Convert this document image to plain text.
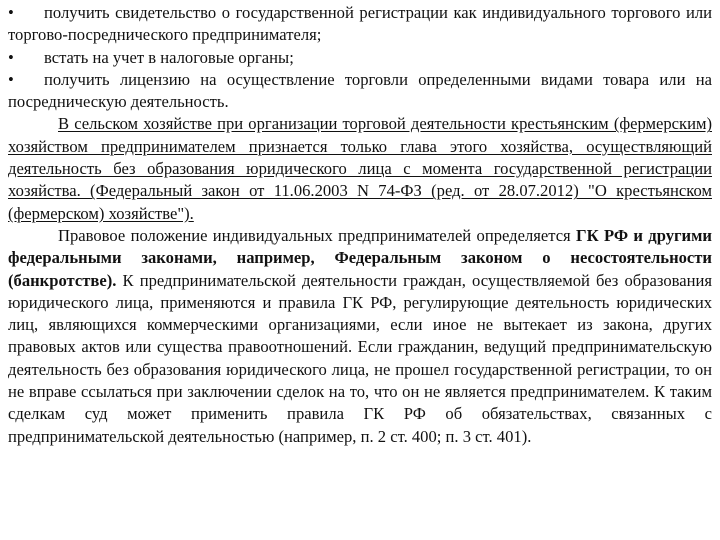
• получить свидетельство о государственной регистрации как индивидуального торгового или торгово-посреднического предпринимателя;
• встать на учет в налоговые органы;
• получить лицензию на осуществление торговли определенными видами товара или на посредническую деятельность.

В сельском хозяйстве при организации торговой деятельности крестьянским (фермерским) хозяйством предпринимателем признается только глава этого хозяйства, осуществляющий деятельность без образования юридического лица с момента государственной регистрации хозяйства. (Федеральный закон от 11.06.2003 N 74-ФЗ (ред. от 28.07.2012) "О крестьянском (фермерском) хозяйстве").

Правовое положение индивидуальных предпринимателей определяется ГК РФ и другими федеральными законами, например, Федеральным законом о несостоятельности (банкротстве). К предпринимательской деятельности граждан, осуществляемой без образования юридического лица, применяются и правила ГК РФ, регулирующие деятельность юридических лиц, являющихся коммерческими организациями, если иное не вытекает из закона, других правовых актов или существа правоотношений. Если гражданин, ведущий предпринимательскую деятельность без образования юридического лица, не прошел государственной регистрации, то он не вправе ссылаться при заключении сделок на то, что он не является предпринимателем. К таким сделкам суд может применить правила ГК РФ об обязательствах, связанных с предпринимательской деятельностью (например, п. 2 ст. 400; п. 3 ст. 401).
